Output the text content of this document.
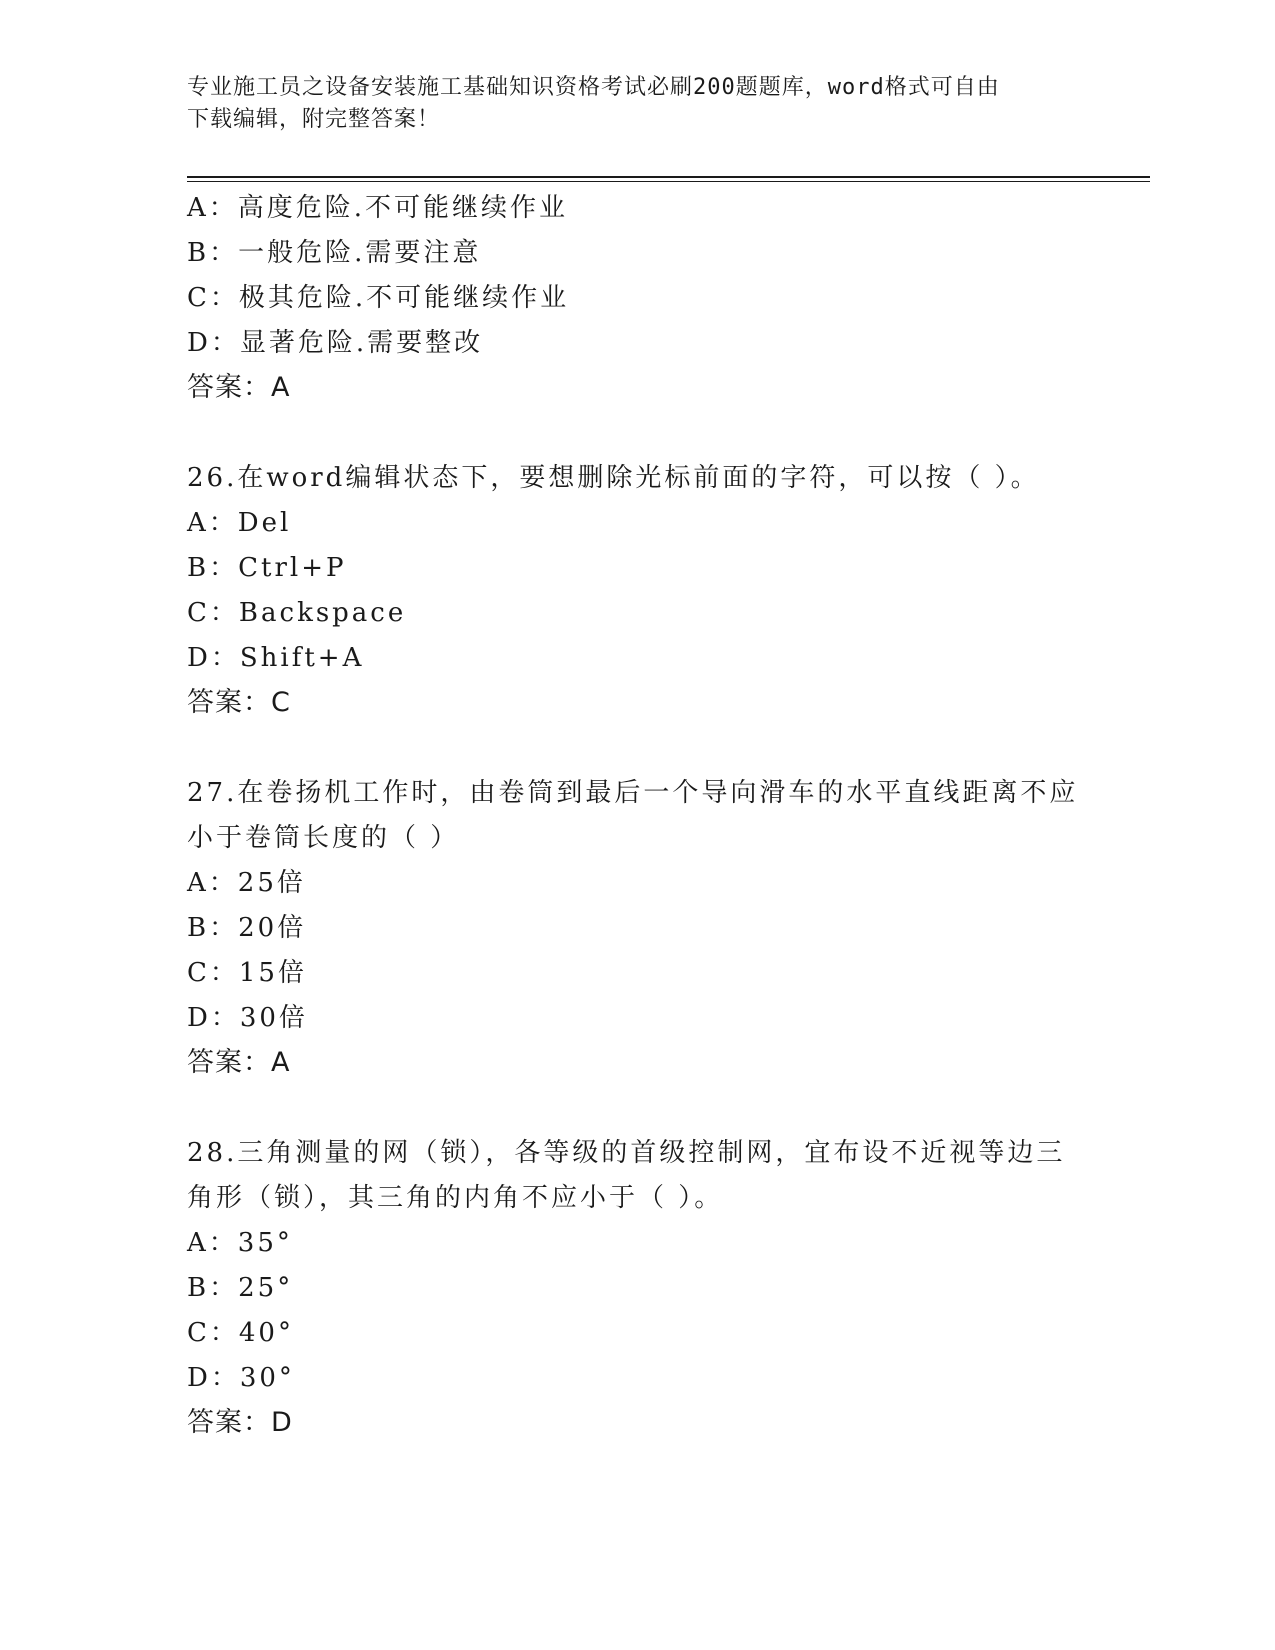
专业施工员之设备安装施工基础知识资格考试必刷200题题库，word格式可自由
下载编辑，附完整答案！
A：高度危险.不可能继续作业
B：一般危险.需要注意
C：极其危险.不可能继续作业
D：显著危险.需要整改
答案：A
26.在word编辑状态下，要想删除光标前面的字符，可以按（ ）。
A：Del
B：Ctrl+P
C：Backspace
D：Shift+A
答案：C
27.在卷扬机工作时，由卷筒到最后一个导向滑车的水平直线距离不应
小于卷筒长度的（ ）
A：25倍
B：20倍
C：15倍
D：30倍
答案：A
28.三角测量的网（锁），各等级的首级控制网，宜布设不近视等边三
角形（锁），其三角的内角不应小于（ ）。
A：35°
B：25°
C：40°
D：30°
答案：D
